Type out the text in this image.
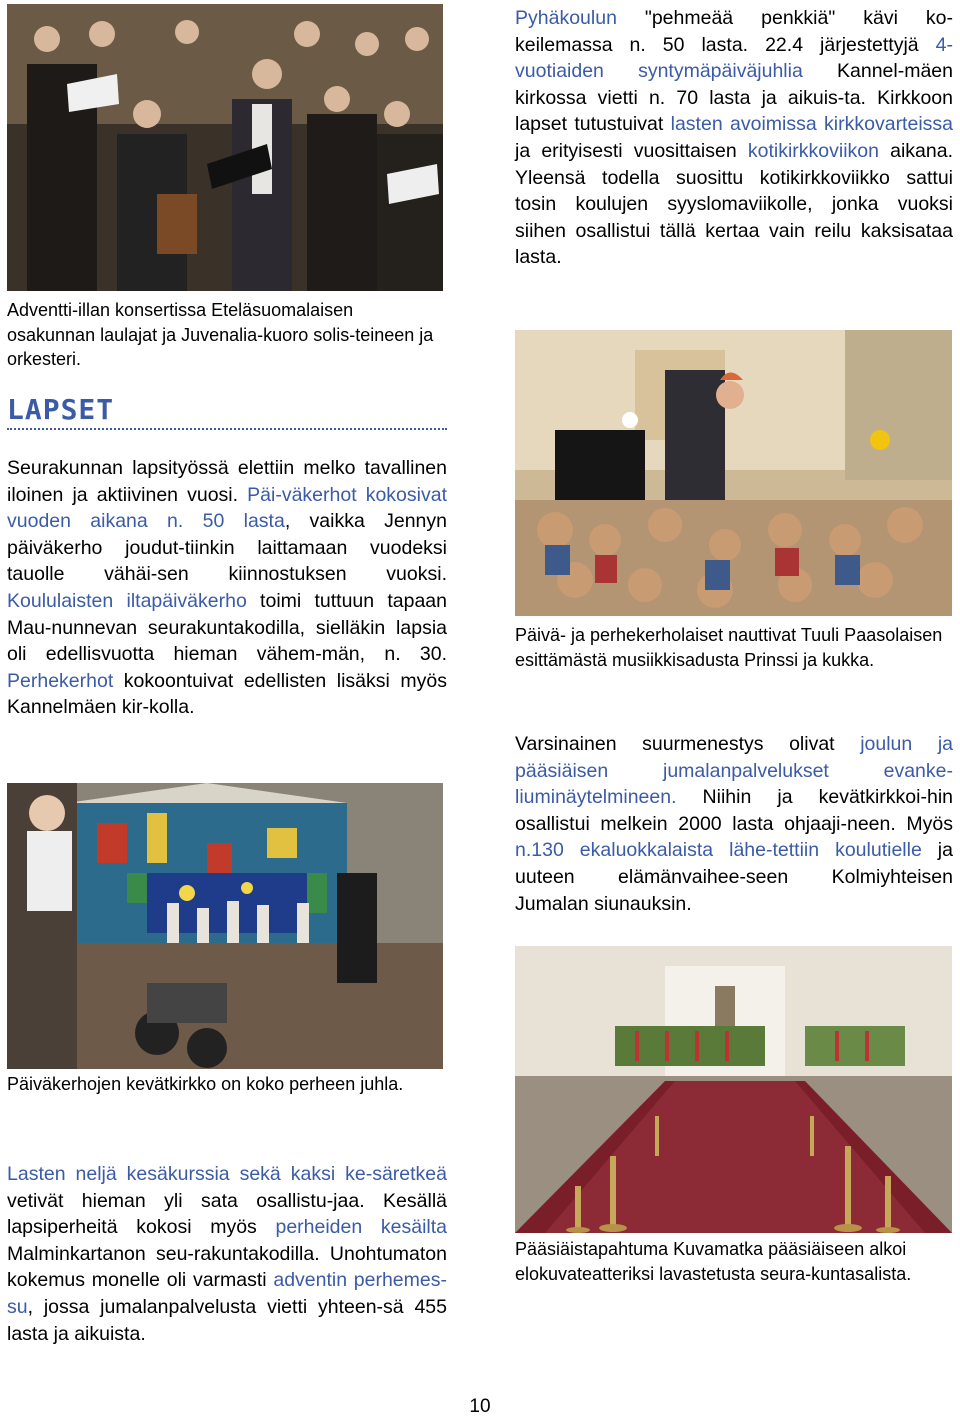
Adventti-illan konsertissa Eteläsuomalaisen osakunnan laulajat ja Juvenalia-kuoro solis-teineen ja orkesteri.
LAPSET
Seurakunnan lapsityössä elettiin melko tavallinen iloinen ja aktiivinen vuosi. Päi-väkerhot kokosivat vuoden aikana n. 50 lasta, vaikka Jennyn päiväkerho joudut-tiinkin laittamaan vuodeksi tauolle vähäi-sen kiinnostuksen vuoksi. Koululaisten iltapäiväkerho toimi tuttuun tapaan Mau-nunnevan seurakuntakodilla, sielläkin lapsia oli edellisvuotta hieman vähem-män, n. 30. Perhekerhot kokoontuivat edellisten lisäksi myös Kannelmäen kir-kolla.
Päiväkerhojen kevätkirkko on koko perheen juhla.
Lasten neljä kesäkurssia sekä kaksi ke-säretkeä vetivät hieman yli sata osallistu-jaa. Kesällä lapsiperheitä kokosi myös perheiden kesäilta Malminkartanon seu-rakuntakodilla. Unohtumaton kokemus monelle oli varmasti adventin perhemes-su, jossa jumalanpalvelusta vietti yhteen-sä 455 lasta ja aikuista.
Pyhäkoulun "pehmeää penkkiä" kävi ko-keilemassa n. 50 lasta. 22.4 järjestettyjä 4-vuotiaiden syntymäpäiväjuhlia Kannel-mäen kirkossa vietti n. 70 lasta ja aikuis-ta. Kirkkoon lapset tutustuivat lasten avoimissa kirkkovarteissa ja erityisesti vuosittaisen kotikirkkoviikon aikana. Yleensä todella suosittu kotikirkkoviikko sattui tosin koulujen syyslomaviikolle, jonka vuoksi siihen osallistui tällä kertaa vain reilu kaksisataa lasta.
Päivä- ja perhekerholaiset nauttivat Tuuli Paasolaisen esittämästä musiikkisadusta Prinssi ja kukka.
Varsinainen suurmenestys olivat joulun ja pääsiäisen jumalanpalvelukset evanke-liuminäytelmineen. Niihin ja kevätkirkkoi-hin osallistui melkein 2000 lasta ohjaaji-neen. Myös n.130 ekaluokkalaista lähe-tettiin koulutielle ja uuteen elämänvaihee-seen Kolmiyhteisen Jumalan siunauksin.
Pääsiäistapahtuma Kuvamatka pääsiäiseen alkoi elokuvateatteriksi lavastetusta seura-kuntasalista.
10
